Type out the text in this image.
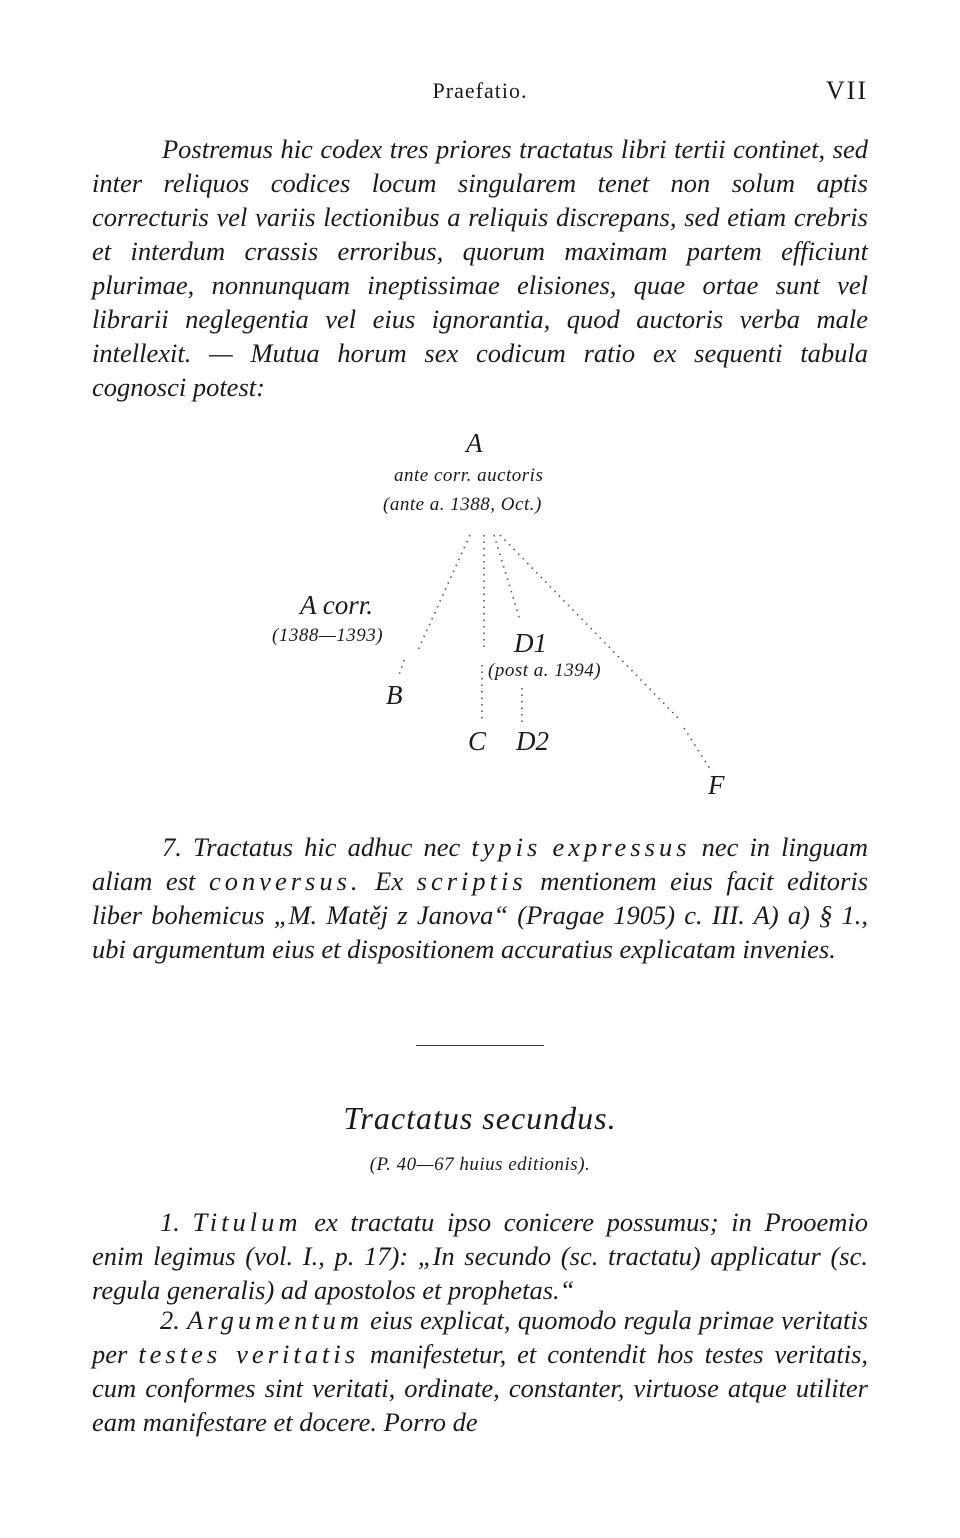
Praefatio.	VII

Postremus hic codex tres priores tractatus libri tertii continet, sed inter reliquos codices locum singularem tenet non solum aptis correcturis vel variis lectionibus a reliquis discrepans, sed etiam crebris et interdum crassis erroribus, quorum maximam partem efficiunt plurimae, nonnunquam ineptissimae elisiones, quae ortae sunt vel librarii neglegentia vel eius ignorantia, quod auctoris verba male intellexit. — Mutua horum sex codicum ratio ex sequenti tabula cognosci potest:

A
ante corr. auctoris
(ante a. 1388, Oct.)
A corr.
(1388—1393)
B
D1
(post a. 1394)
C D2
F

7. Tractatus hic adhuc nec typis expressus nec in linguam aliam est conversus. Ex scriptis mentionem eius facit editoris liber bohemicus „M. Matěj z Janova“ (Pragae 1905) c. III. A) a) § 1., ubi argumentum eius et dispositionem accuratius explicatam invenies.

Tractatus secundus.
(P. 40—67 huius editionis).

1. Titulum ex tractatu ipso conicere possumus; in Prooemio enim legimus (vol. I., p. 17): „In secundo (sc. tractatu) applicatur (sc. regula generalis) ad apostolos et prophetas.“

2. Argumentum eius explicat, quomodo regula primae veritatis per testes veritatis manifestetur, et contendit hos testes veritatis, cum conformes sint veritati, ordinate, constanter, virtuose atque utiliter eam manifestare et docere. Porro de
